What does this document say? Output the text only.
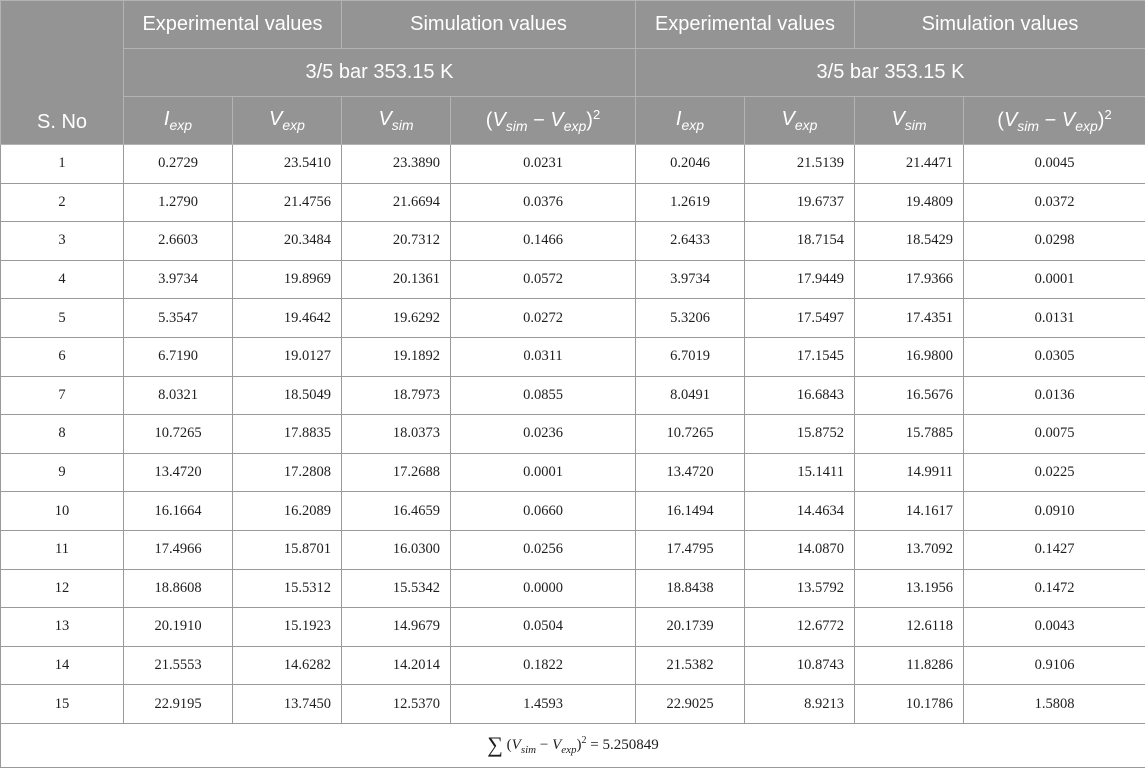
S. No	Experimental values		Simulation values		Experimental values		Simulation values	
	3/5 bar 353.15 K				3/5 bar 353.15 K			
	$I_{exp}$	$V_{exp}$	$V_{sim}$	$(V_{sim} - V_{exp})^2$	$I_{exp}$	$V_{exp}$	$V_{sim}$	$(V_{sim} - V_{exp})^2$
1	0.2729	23.5410	23.3890	0.0231	0.2046	21.5139	21.4471	0.0045
2	1.2790	21.4756	21.6694	0.0376	1.2619	19.6737	19.4809	0.0372
3	2.6603	20.3484	20.7312	0.1466	2.6433	18.7154	18.5429	0.0298
4	3.9734	19.8969	20.1361	0.0572	3.9734	17.9449	17.9366	0.0001
5	5.3547	19.4642	19.6292	0.0272	5.3206	17.5497	17.4351	0.0131
6	6.7190	19.0127	19.1892	0.0311	6.7019	17.1545	16.9800	0.0305
7	8.0321	18.5049	18.7973	0.0855	8.0491	16.6843	16.5676	0.0136
8	10.7265	17.8835	18.0373	0.0236	10.7265	15.8752	15.7885	0.0075
9	13.4720	17.2808	17.2688	0.0001	13.4720	15.1411	14.9911	0.0225
10	16.1664	16.2089	16.4659	0.0660	16.1494	14.4634	14.1617	0.0910
11	17.4966	15.8701	16.0300	0.0256	17.4795	14.0870	13.7092	0.1427
12	18.8608	15.5312	15.5342	0.0000	18.8438	13.5792	13.1956	0.1472
13	20.1910	15.1923	14.9679	0.0504	20.1739	12.6772	12.6118	0.0043
14	21.5553	14.6282	14.2014	0.1822	21.5382	10.8743	11.8286	0.9106
15	22.9195	13.7450	12.5370	1.4593	22.9025	8.9213	10.1786	1.5808
∑ $(V_{sim} - V_{exp})^2 = 5.250849$								
